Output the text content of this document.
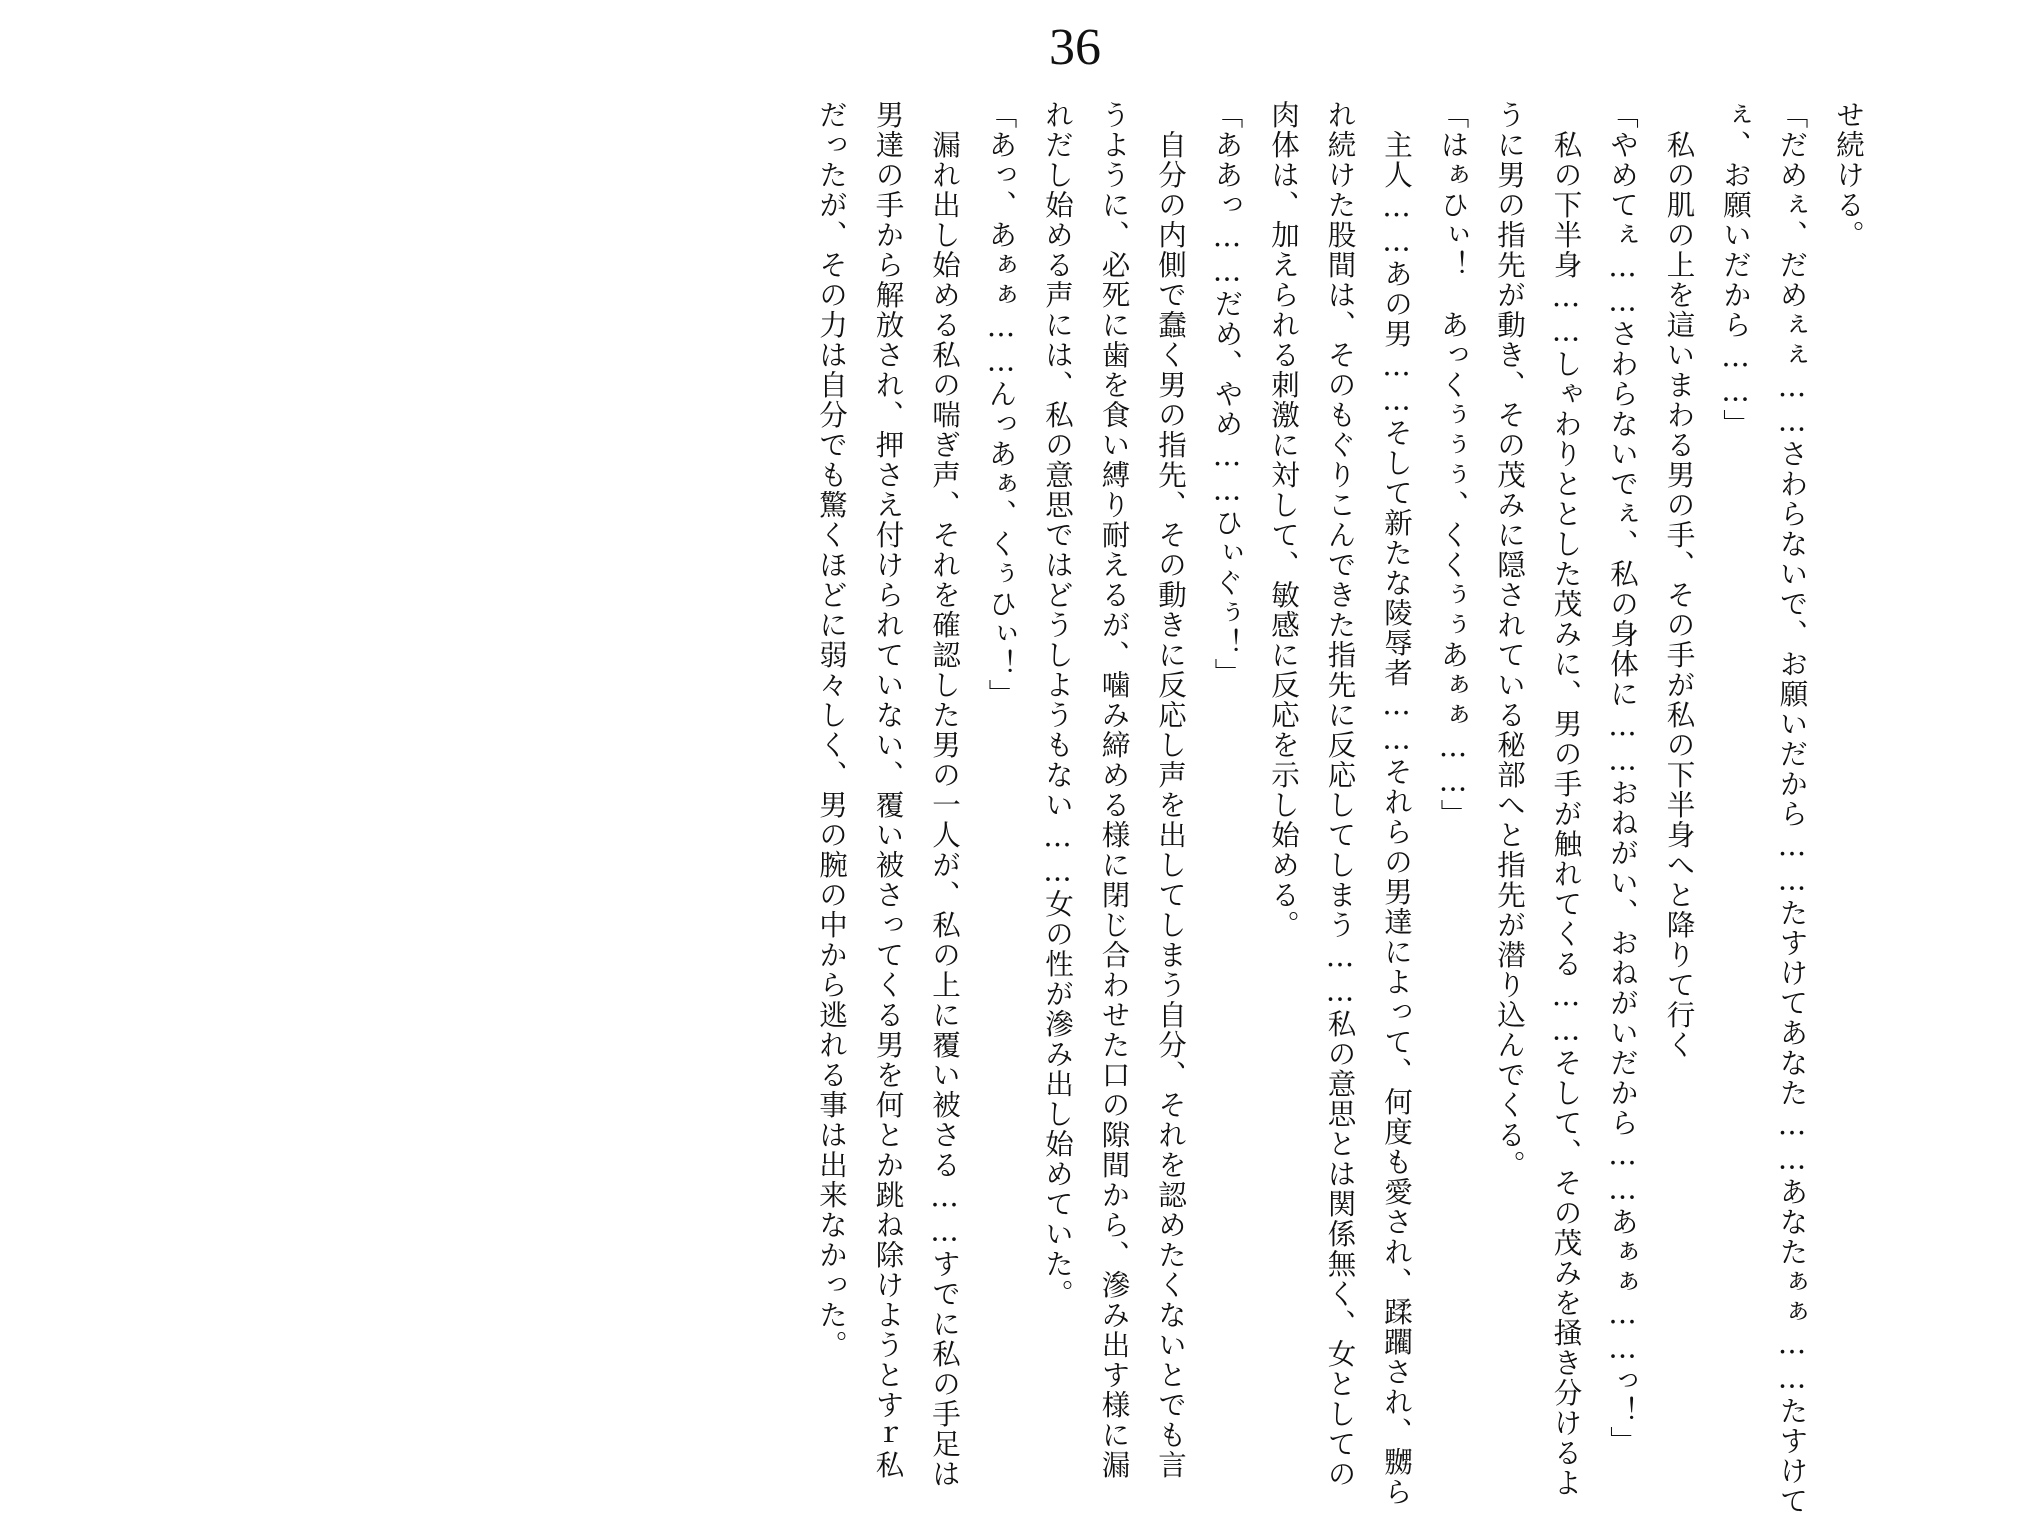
36
せ続ける。
「だめぇ、だめぇぇ……さわらないで、お願いだから……たすけてあなた……あなたぁぁ……たすけて
ぇ、お願いだから……」
　私の肌の上を這いまわる男の手、その手が私の下半身へと降りて行く
「やめてぇ……さわらないでぇ、私の身体に……おねがい、おねがいだから……あぁぁ……っ！」
　私の下半身……しゃわりととした茂みに、男の手が触れてくる……そして、その茂みを掻き分けるよ
うに男の指先が動き、その茂みに隠されている秘部へと指先が潜り込んでくる。
「はぁひぃ！　あっくぅぅぅ、くくぅぅあぁぁ……」
　主人……あの男……そして新たな陵辱者……それらの男達によって、何度も愛され、蹂躙され、嬲ら
れ続けた股間は、そのもぐりこんできた指先に反応してしまう……私の意思とは関係無く、女としての
肉体は、加えられる刺激に対して、敏感に反応を示し始める。
「ああっ……だめ、やめ……ひぃぐぅ！」
　自分の内側で蠢く男の指先、その動きに反応し声を出してしまう自分、それを認めたくないとでも言
うように、必死に歯を食い縛り耐えるが、噛み締める様に閉じ合わせた口の隙間から、滲み出す様に漏
れだし始める声には、私の意思ではどうしようもない……女の性が滲み出し始めていた。
「あっ、あぁぁ……んっあぁ、くぅひぃ！」
　漏れ出し始める私の喘ぎ声、それを確認した男の一人が、私の上に覆い被さる……すでに私の手足は
男達の手から解放され、押さえ付けられていない、覆い被さってくる男を何とか跳ね除けようとすｒ私
だったが、その力は自分でも驚くほどに弱々しく、男の腕の中から逃れる事は出来なかった。
